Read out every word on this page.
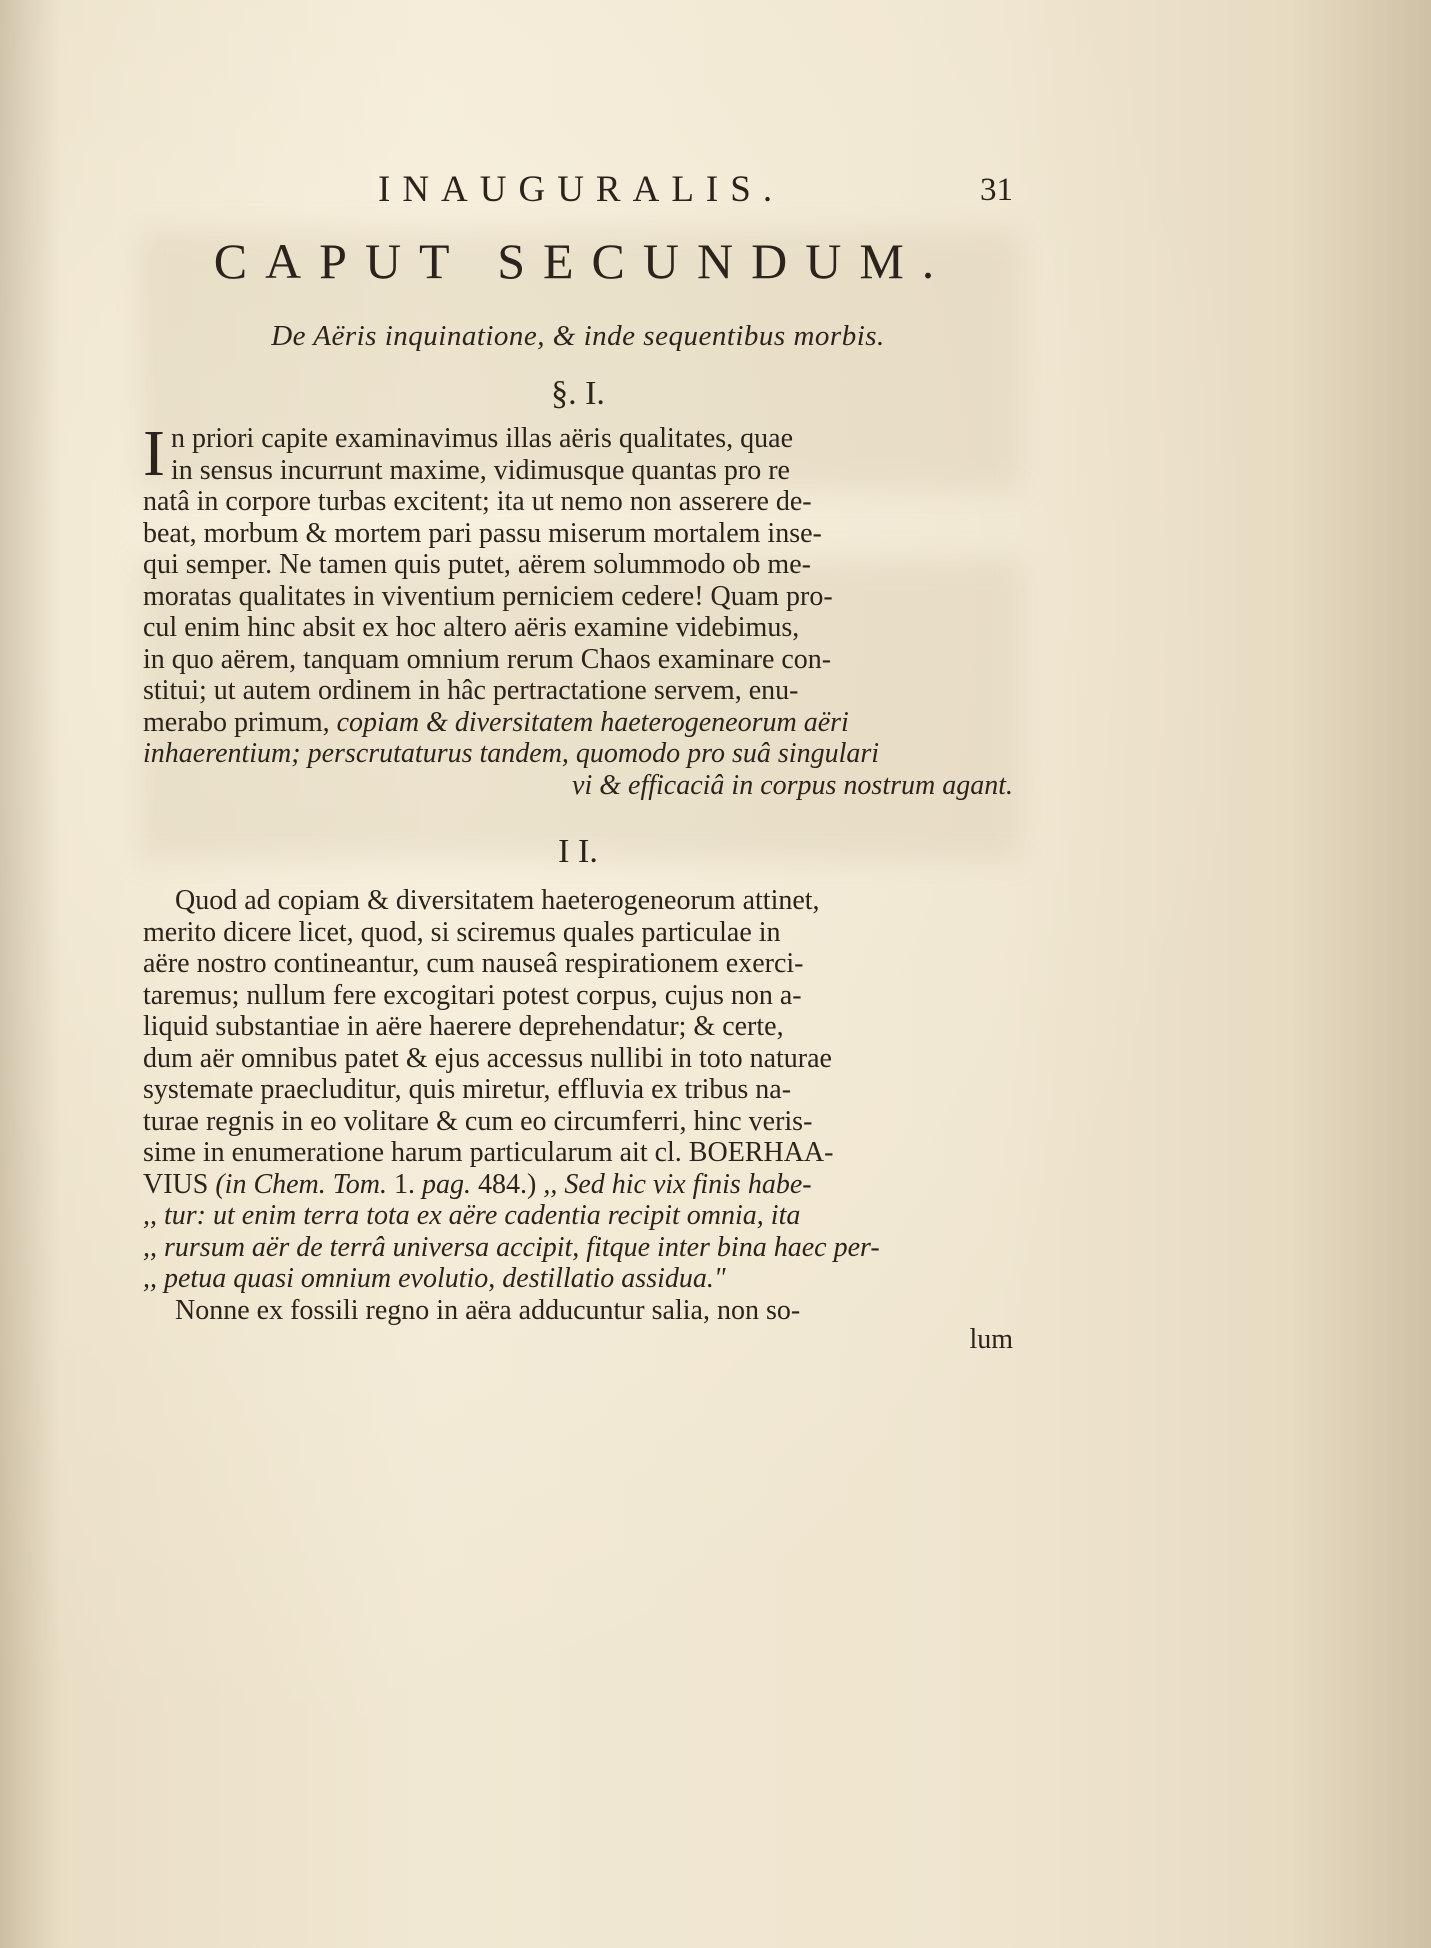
INAUGURALIS.	31
CAPUT SECUNDUM.
De Aëris inquinatione, & inde sequentibus morbis.
§. I.
I n priori capite examinavimus illas aëris qualitates, quae
in sensus incurrunt maxime, vidimusque quantas pro re
natâ in corpore turbas excitent; ita ut nemo non asserere de-
beat, morbum & mortem pari passu miserum mortalem inse-
qui semper. Ne tamen quis putet, aërem solummodo ob me-
moratas qualitates in viventium perniciem cedere! Quam pro-
cul enim hinc absit ex hoc altero aëris examine videbimus,
in quo aërem, tanquam omnium rerum Chaos examinare con-
stitui; ut autem ordinem in hâc pertractatione servem, enu-
merabo primum, copiam & diversitatem haeterogeneorum aëri
inhaerentium; perscrutaturus tandem, quomodo pro suâ singulari
vi & efficaciâ in corpus nostrum agant.
I I.
Quod ad copiam & diversitatem haeterogeneorum attinet,
merito dicere licet, quod, si sciremus quales particulae in
aëre nostro contineantur, cum nauseâ respirationem exerci-
taremus; nullum fere excogitari potest corpus, cujus non a-
liquid substantiae in aëre haerere deprehendatur; & certe,
dum aër omnibus patet & ejus accessus nullibi in toto naturae
systemate praecluditur, quis miretur, effluvia ex tribus na-
turae regnis in eo volitare & cum eo circumferri, hinc veris-
sime in enumeratione harum particularum ait cl. BOERHAA-
VIUS (in Chem. Tom. 1. pag. 484.) ,, Sed hic vix finis habe-
,, tur: ut enim terra tota ex aëre cadentia recipit omnia, ita
,, rursum aër de terrâ universa accipit, fitque inter bina haec per-
,, petua quasi omnium evolutio, destillatio assidua."
Nonne ex fossili regno in aëra adducuntur salia, non so-
lum
